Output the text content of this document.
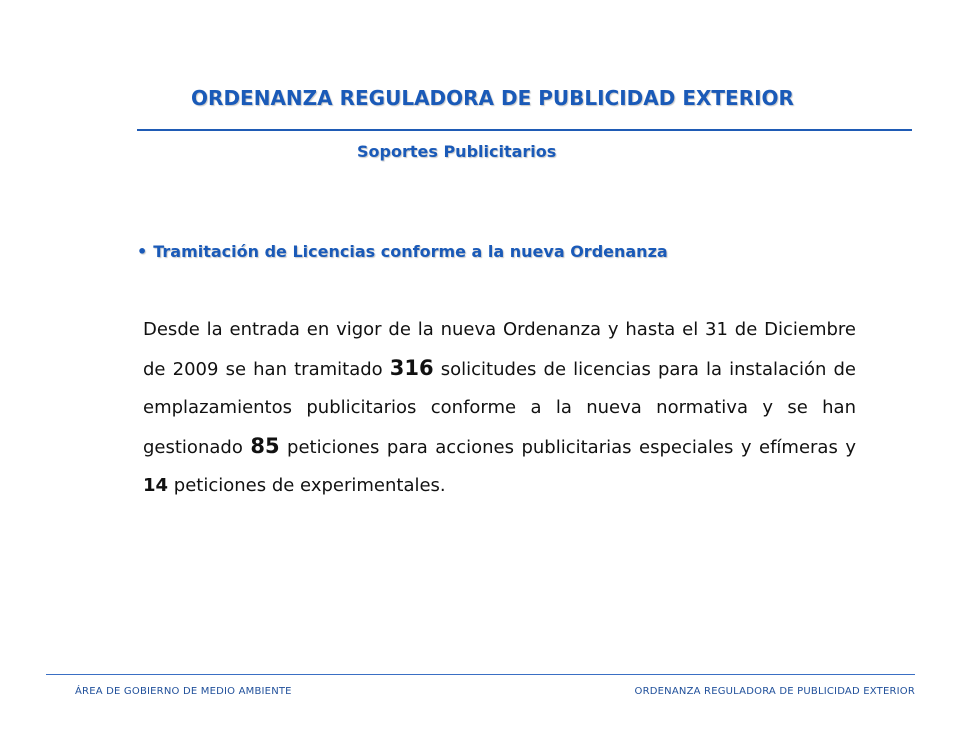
ORDENANZA REGULADORA DE PUBLICIDAD EXTERIOR
Soportes Publicitarios
• Tramitación de Licencias conforme a la nueva Ordenanza

Desde la entrada en vigor de la nueva Ordenanza y hasta el 31 de Diciembre de 2009 se han tramitado 316 solicitudes de licencias para la instalación de emplazamientos publicitarios conforme a la nueva normativa y se han gestionado 85 peticiones para acciones publicitarias especiales y efímeras y 14 peticiones de experimentales.

ÁREA DE GOBIERNO DE MEDIO AMBIENTE	ORDENANZA REGULADORA DE PUBLICIDAD EXTERIOR
